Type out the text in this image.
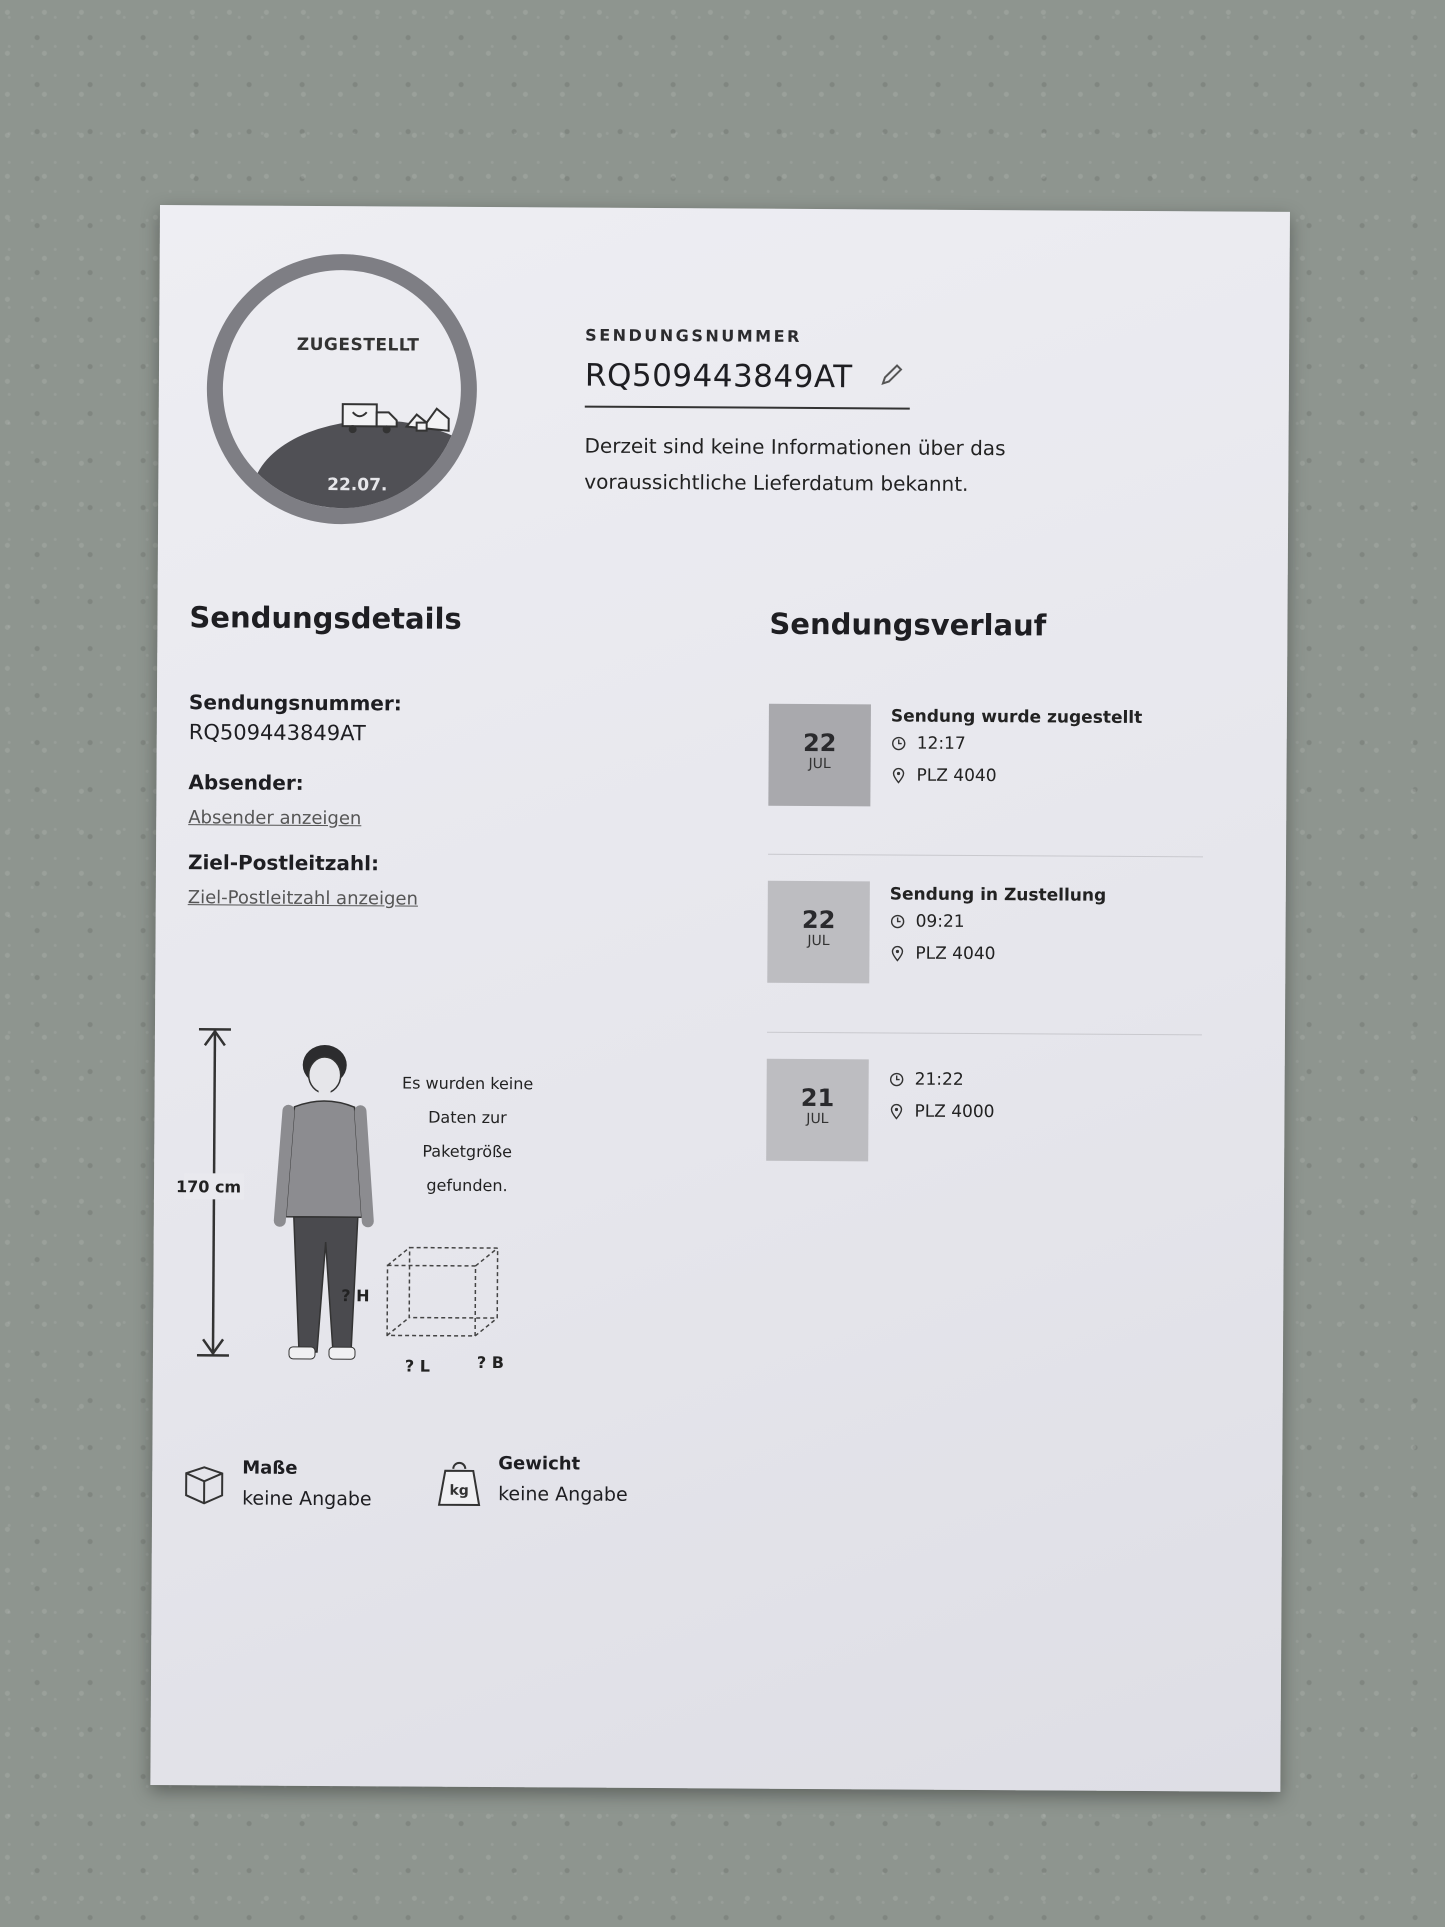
ZUGESTELLT
22.07.
SENDUNGSNUMMER
RQ509443849AT
Derzeit sind keine Informationen über das voraussichtliche Lieferdatum bekannt.
Sendungsdetails
Sendungsnummer:
RQ509443849AT
Absender:
Absender anzeigen
Ziel-Postleitzahl:
Ziel-Postleitzahl anzeigen
170 cm
Es wurden keine Daten zur Paketgröße gefunden.
? H
? L	? B
Maße
keine Angabe	kg
Gewicht
keine Angabe
Sendungsverlauf
22
JUL
Sendung wurde zugestellt
12:17
PLZ 4040
22
JUL
Sendung in Zustellung
09:21
PLZ 4040
21
JUL
21:22
PLZ 4000
